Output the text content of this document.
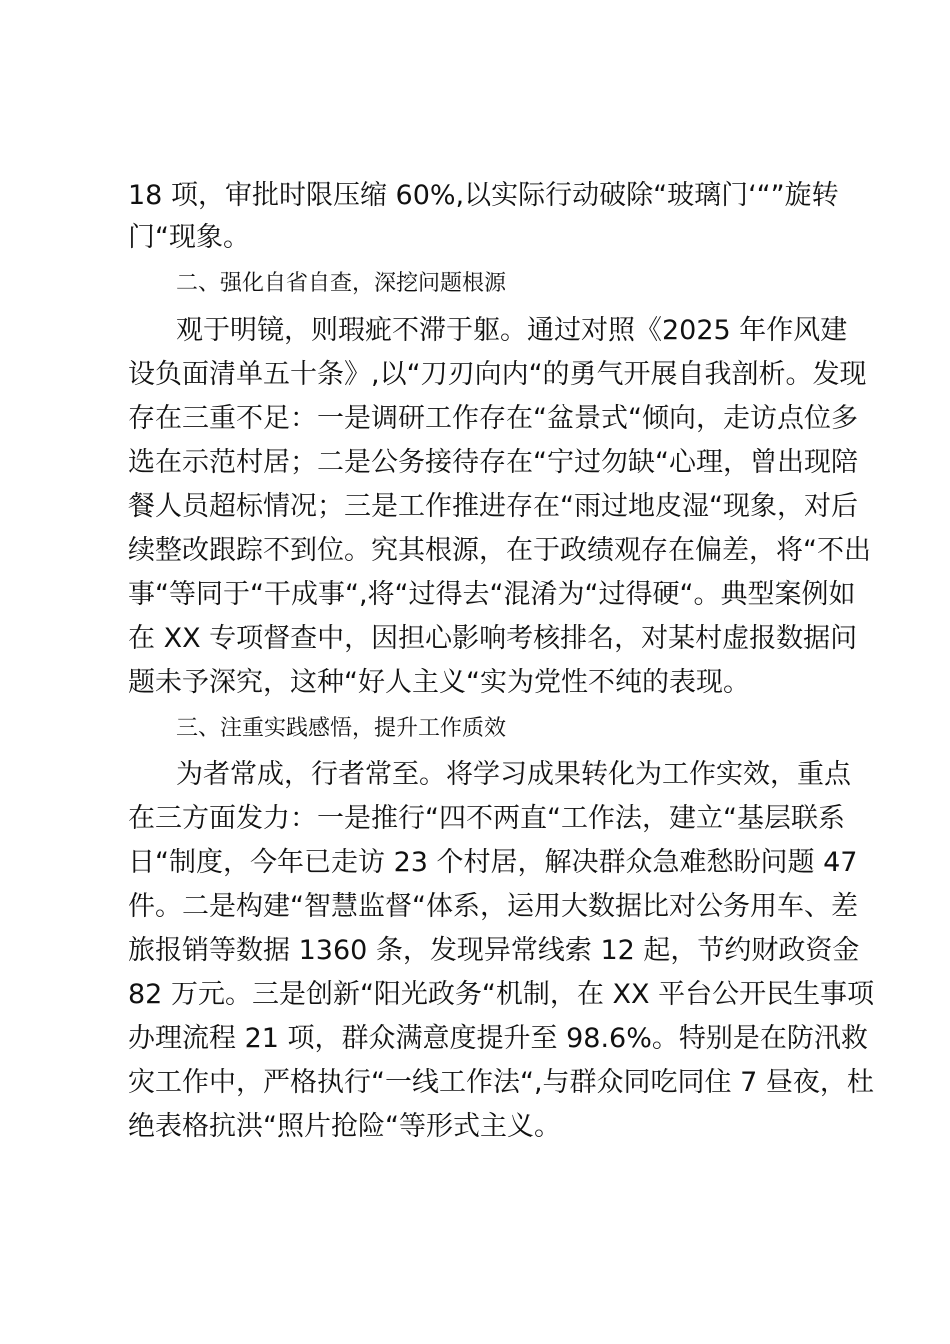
18 项，审批时限压缩 60%,以实际行动破除“玻璃门‘“”旋转
门“现象。
二、强化自省自查，深挖问题根源
观于明镜，则瑕疵不滞于躯。通过对照《2025 年作风建
设负面清单五十条》,以“刀刃向内“的勇气开展自我剖析。发现
存在三重不足：一是调研工作存在“盆景式“倾向，走访点位多
选在示范村居；二是公务接待存在“宁过勿缺“心理，曾出现陪
餐人员超标情况；三是工作推进存在“雨过地皮湿“现象，对后
续整改跟踪不到位。究其根源，在于政绩观存在偏差，将“不出
事“等同于“干成事“,将“过得去“混淆为“过得硬“。典型案例如
在 XX 专项督查中，因担心影响考核排名，对某村虚报数据问
题未予深究，这种“好人主义“实为党性不纯的表现。
三、注重实践感悟，提升工作质效
为者常成，行者常至。将学习成果转化为工作实效，重点
在三方面发力：一是推行“四不两直“工作法，建立“基层联系
日“制度，今年已走访 23 个村居，解决群众急难愁盼问题 47
件。二是构建“智慧监督“体系，运用大数据比对公务用车、差
旅报销等数据 1360 条，发现异常线索 12 起，节约财政资金
82 万元。三是创新“阳光政务“机制，在 XX 平台公开民生事项
办理流程 21 项，群众满意度提升至 98.6%。特别是在防汛救
灾工作中，严格执行“一线工作法“,与群众同吃同住 7 昼夜，杜
绝表格抗洪“照片抢险“等形式主义。
